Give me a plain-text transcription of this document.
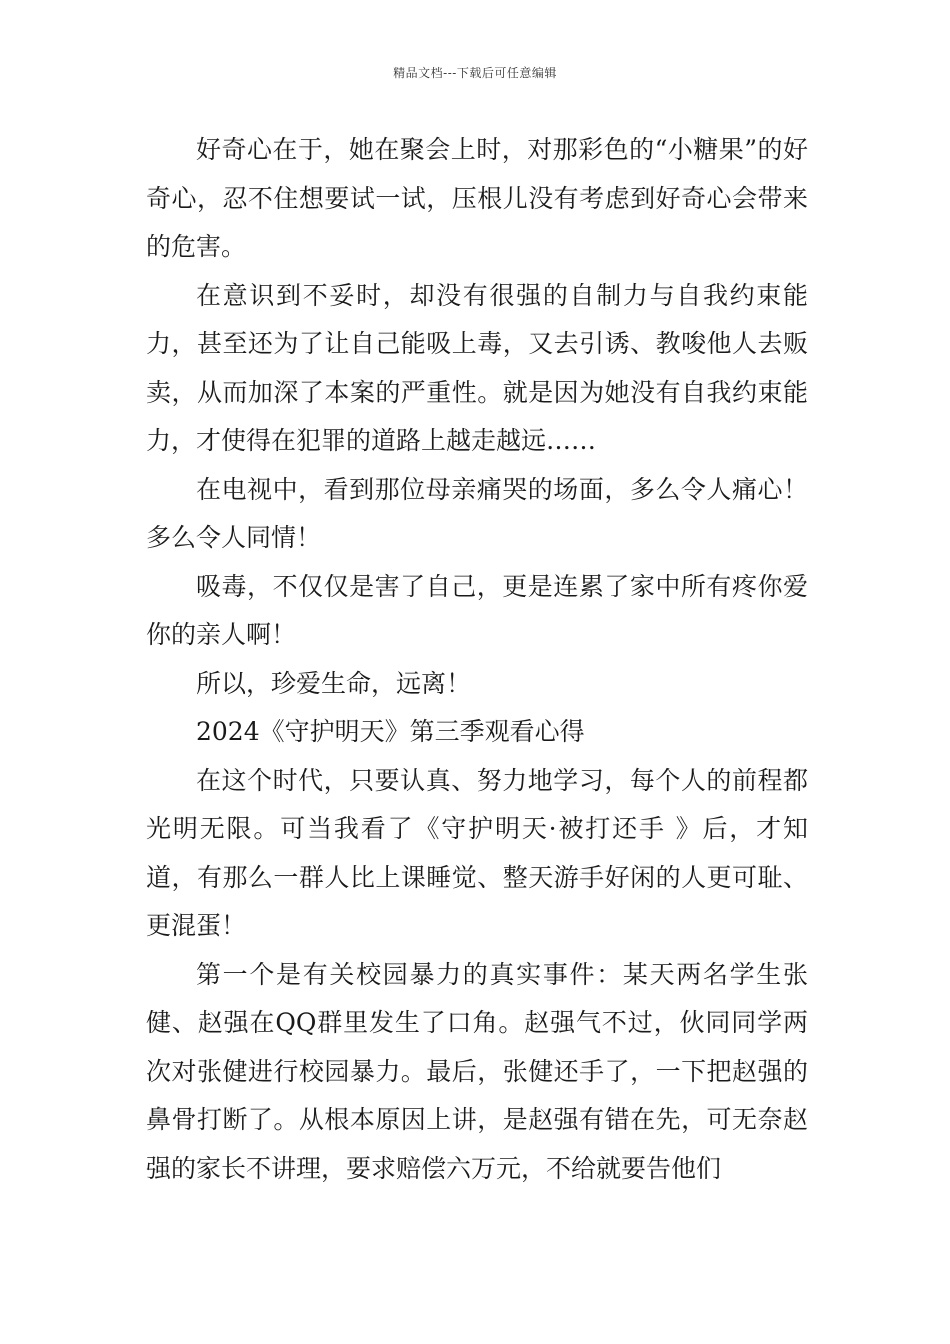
精品文档---下载后可任意编辑

好奇心在于，她在聚会上时，对那彩色的“小糖果”的好奇心，忍不住想要试一试，压根儿没有考虑到好奇心会带来的危害。

在意识到不妥时，却没有很强的自制力与自我约束能力，甚至还为了让自己能吸上毒，又去引诱、教唆他人去贩卖，从而加深了本案的严重性。就是因为她没有自我约束能力，才使得在犯罪的道路上越走越远……

在电视中，看到那位母亲痛哭的场面，多么令人痛心！多么令人同情！

吸毒，不仅仅是害了自己，更是连累了家中所有疼你爱你的亲人啊！

所以，珍爱生命，远离！

2024《守护明天》第三季观看心得

在这个时代，只要认真、努力地学习，每个人的前程都光明无限。可当我看了《守护明天·被打还手 》后，才知道，有那么一群人比上课睡觉、整天游手好闲的人更可耻、更混蛋！

第一个是有关校园暴力的真实事件：某天两名学生张健、赵强在QQ群里发生了口角。赵强气不过，伙同同学两次对张健进行校园暴力。最后，张健还手了，一下把赵强的鼻骨打断了。从根本原因上讲，是赵强有错在先，可无奈赵强的家长不讲理，要求赔偿六万元，不给就要告他们
